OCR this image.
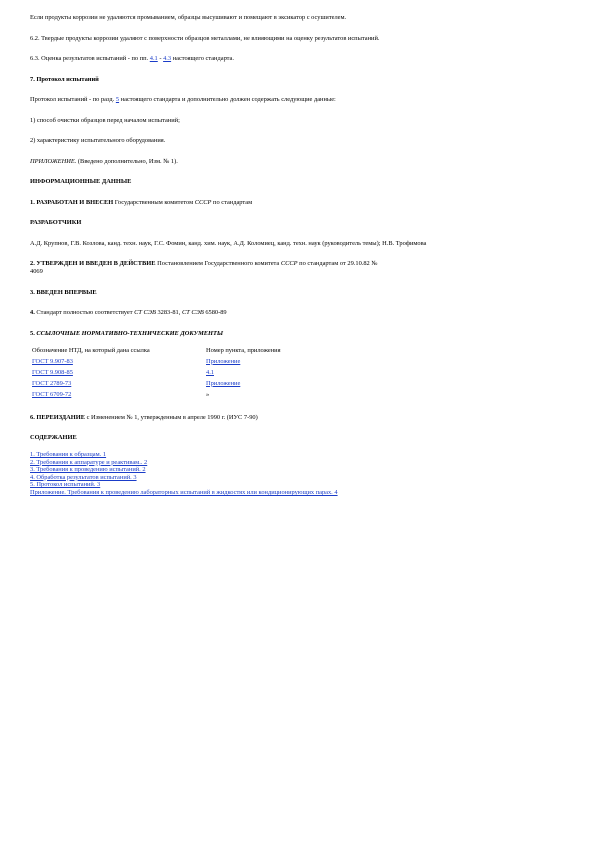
Если продукты коррозии не удаляются промыванием, образцы высушивают и помещают в эксикатор с осушителем.
6.2. Твердые продукты коррозии удаляют с поверхности образцов металлами, не влияющими на оценку результатов испытаний.
6.3. Оценка результатов испытаний - по пп. 4.1 - 4.3 настоящего стандарта.
7. Протокол испытаний
Протокол испытаний - по разд. 5 настоящего стандарта и дополнительно должен содержать следующие данные:
1) способ очистки образцов перед началом испытаний;
2) характеристику испытательного оборудования.
ПРИЛОЖЕНИЕ. (Введено дополнительно, Изм. № 1).
ИНФОРМАЦИОННЫЕ ДАННЫЕ
1. РАЗРАБОТАН И ВНЕСЕН Государственным комитетом СССР по стандартам
РАЗРАБОТЧИКИ
А.Д. Крупнов, Г.В. Козлова, канд. техн. наук, Г.С. Фомин, канд. хим. наук, А.Д. Коломиец, канд. техн. наук (руководитель темы); Н.В. Трофимова
2. УТВЕРЖДЕН И ВВЕДЕН В ДЕЙСТВИЕ Постановлением Государственного комитета СССР по стандартам от 29.10.82 №
4069
3. ВВЕДЕН ВПЕРВЫЕ
4. Стандарт полностью соответствует СТ СЭВ 3283-81, СТ СЭВ 6580-89
5. ССЫЛОЧНЫЕ НОРМАТИВНО-ТЕХНИЧЕСКИЕ ДОКУМЕНТЫ
Обозначение НТД, на который дана ссылка	Номер пункта, приложения
ГОСТ 9.907-83	Приложение
ГОСТ 9.908-85	4.1
ГОСТ 2789-73	Приложение
ГОСТ 6709-72	»
6. ПЕРЕИЗДАНИЕ с Изменением № 1, утвержденным в апреле 1990 г. (ИУС 7-90)
СОДЕРЖАНИЕ
1. Требования к образцам. 1
2. Требования к аппаратуре и реактивам.. 2
3. Требования к проведению испытаний. 2
4. Обработка результатов испытаний. 3
5. Протокол испытаний. 3
Приложение. Требования к проведению лабораторных испытаний в жидкостях или кондиционирующих парах. 4
